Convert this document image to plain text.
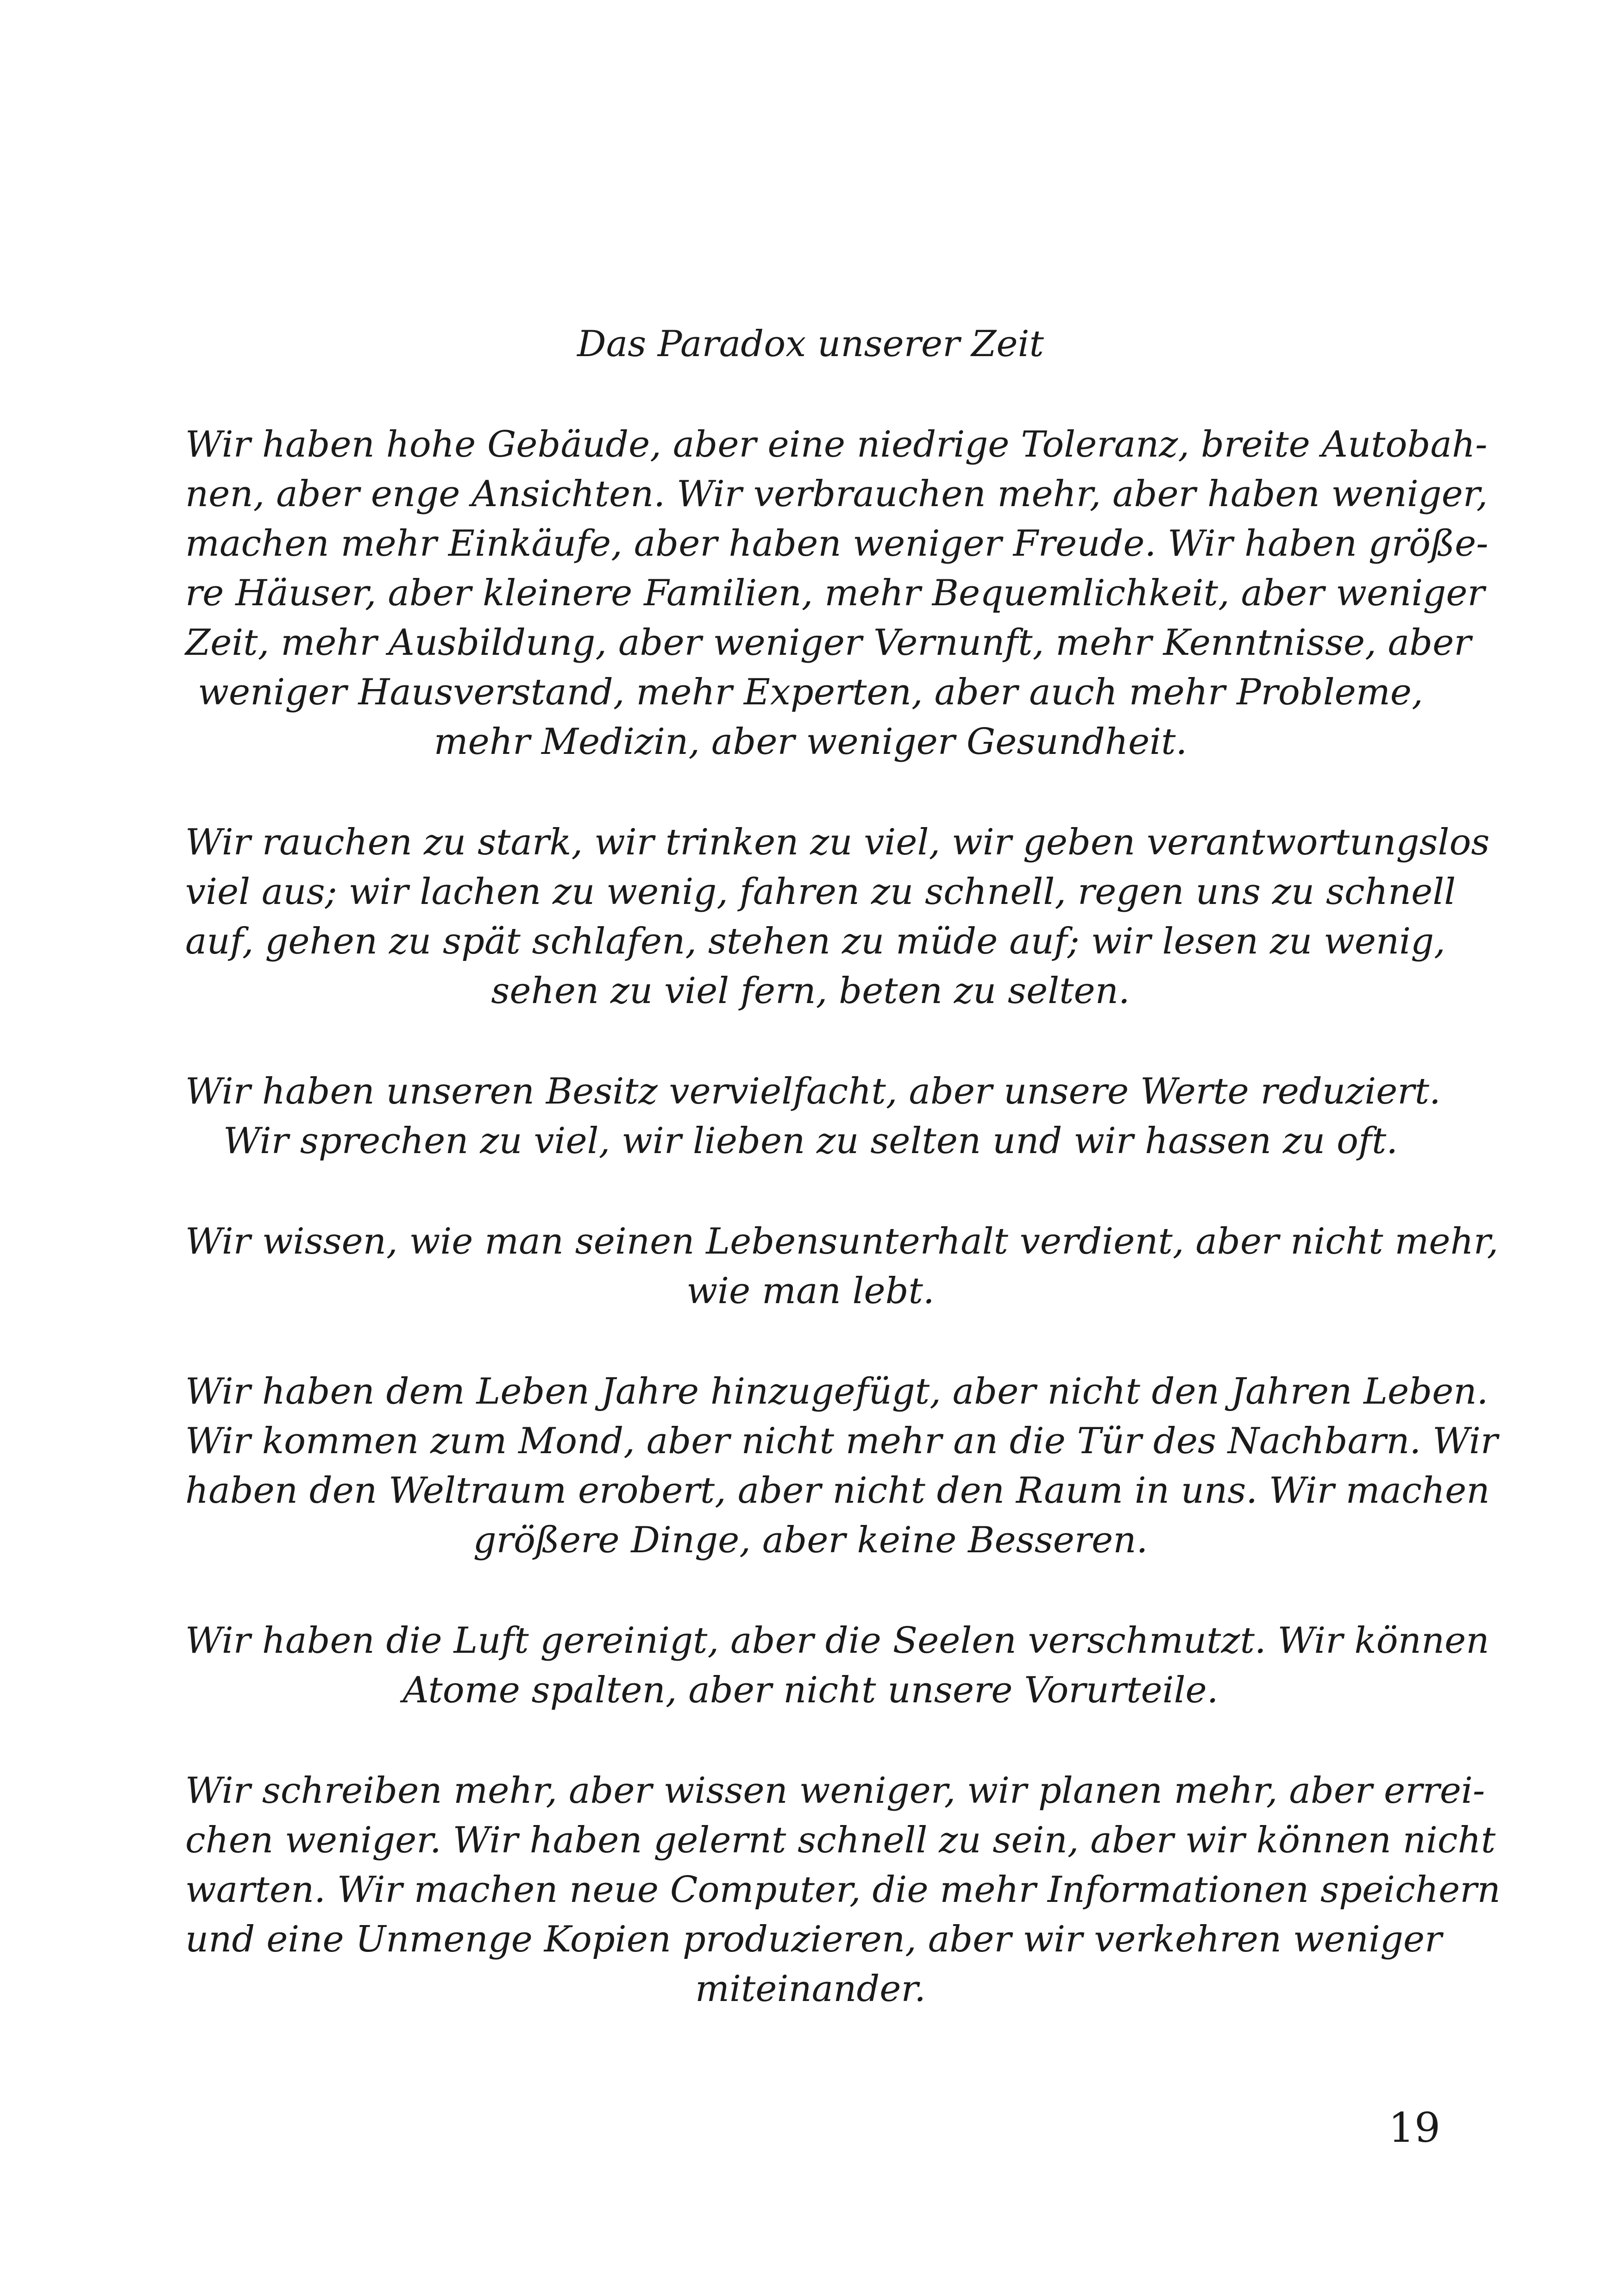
Das Paradox unserer Zeit
Wir haben hohe Gebäude, aber eine niedrige Toleranz, breite Autobah-
nen, aber enge Ansichten. Wir verbrauchen mehr, aber haben weniger,
machen mehr Einkäufe, aber haben weniger Freude. Wir haben größe-
re Häuser, aber kleinere Familien, mehr Bequemlichkeit, aber weniger
Zeit, mehr Ausbildung, aber weniger Vernunft, mehr Kenntnisse, aber
weniger Hausverstand, mehr Experten, aber auch mehr Probleme,
mehr Medizin, aber weniger Gesundheit.
Wir rauchen zu stark, wir trinken zu viel, wir geben verantwortungslos
viel aus; wir lachen zu wenig, fahren zu schnell, regen uns zu schnell
auf, gehen zu spät schlafen, stehen zu müde auf; wir lesen zu wenig,
sehen zu viel fern, beten zu selten.
Wir haben unseren Besitz vervielfacht, aber unsere Werte reduziert.
Wir sprechen zu viel, wir lieben zu selten und wir hassen zu oft.
Wir wissen, wie man seinen Lebensunterhalt verdient, aber nicht mehr,
wie man lebt.
Wir haben dem Leben Jahre hinzugefügt, aber nicht den Jahren Leben.
Wir kommen zum Mond, aber nicht mehr an die Tür des Nachbarn. Wir
haben den Weltraum erobert, aber nicht den Raum in uns. Wir machen
größere Dinge, aber keine Besseren.
Wir haben die Luft gereinigt, aber die Seelen verschmutzt. Wir können
Atome spalten, aber nicht unsere Vorurteile.
Wir schreiben mehr, aber wissen weniger, wir planen mehr, aber errei-
chen weniger. Wir haben gelernt schnell zu sein, aber wir können nicht
warten. Wir machen neue Computer, die mehr Informationen speichern
und eine Unmenge Kopien produzieren, aber wir verkehren weniger
miteinander.
19
